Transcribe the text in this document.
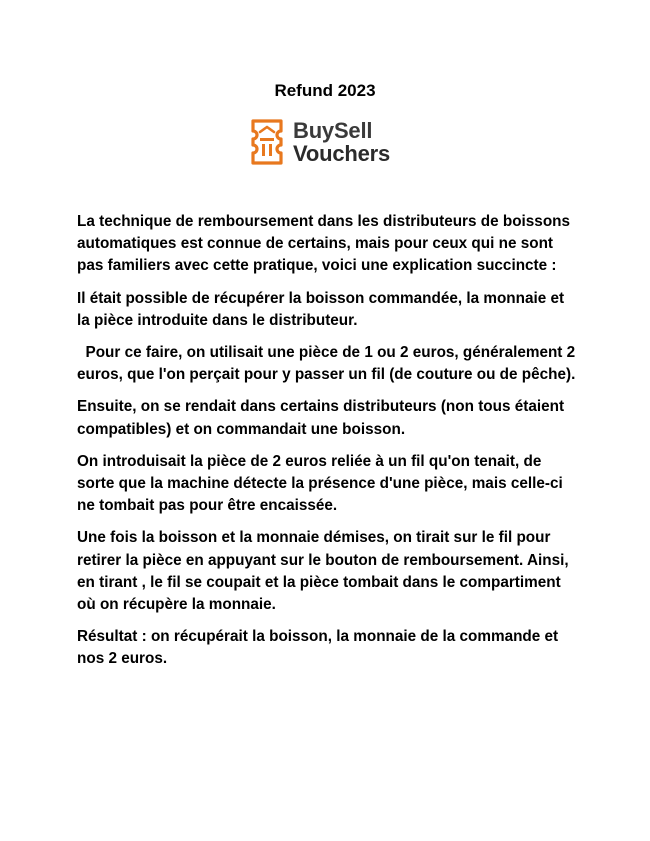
Refund 2023
BuySell
Vouchers

La technique de remboursement dans les distributeurs de boissons automatiques est connue de certains, mais pour ceux qui ne sont pas familiers avec cette pratique, voici une explication succincte :

Il était possible de récupérer la boisson commandée, la monnaie et la pièce introduite dans le distributeur.

Pour ce faire, on utilisait une pièce de 1 ou 2 euros, généralement 2 euros, que l'on perçait pour y passer un fil (de couture ou de pêche).

Ensuite, on se rendait dans certains distributeurs (non tous étaient compatibles) et on commandait une boisson.

On introduisait la pièce de 2 euros reliée à un fil qu'on tenait, de sorte que la machine détecte la présence d'une pièce, mais celle-ci ne tombait pas pour être encaissée.

Une fois la boisson et la monnaie démises, on tirait sur le fil pour retirer la pièce en appuyant sur le bouton de remboursement. Ainsi, en tirant , le fil se coupait et la pièce tombait dans le compartiment où on récupère la monnaie.

Résultat : on récupérait la boisson, la monnaie de la commande et nos 2 euros.
